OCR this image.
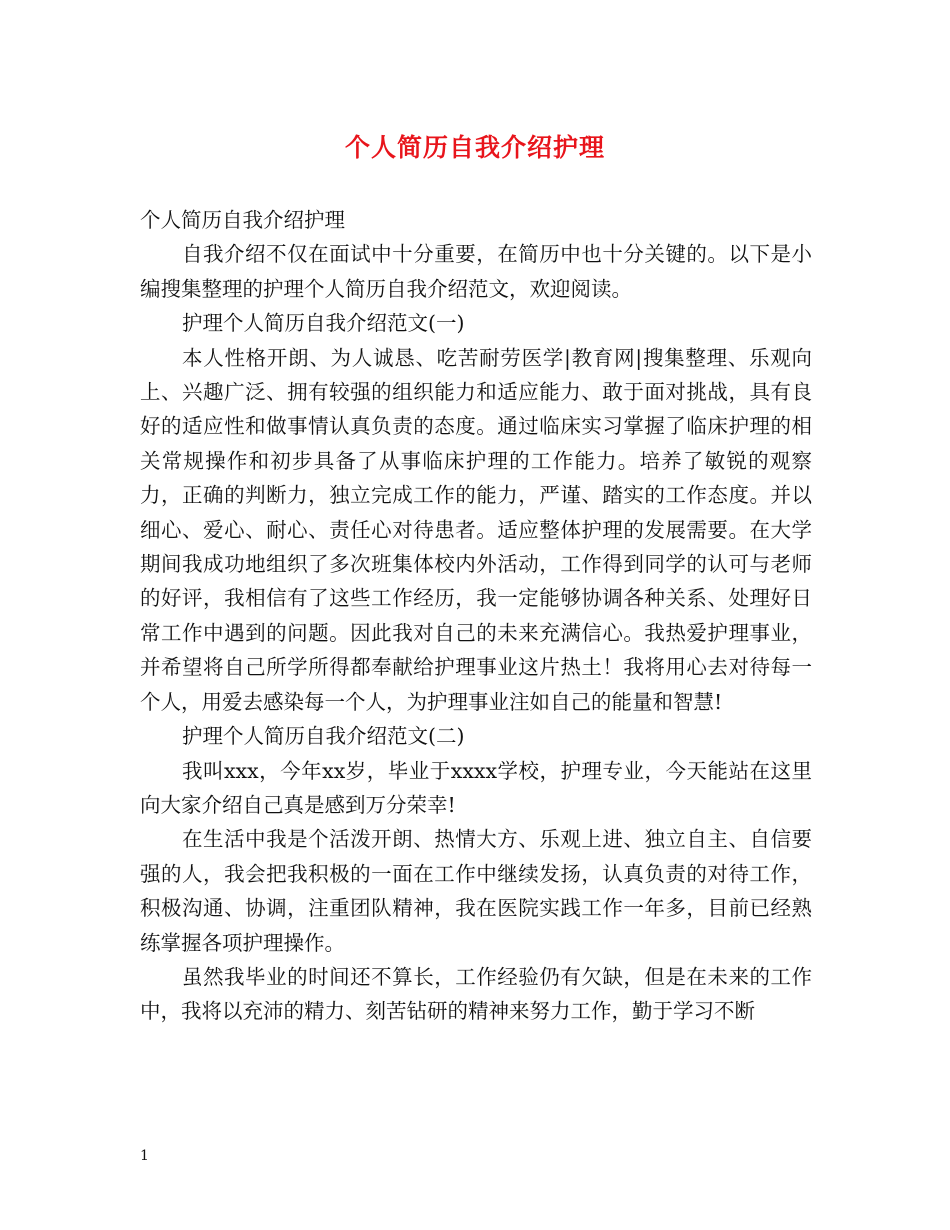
个人简历自我介绍护理

个人简历自我介绍护理

自我介绍不仅在面试中十分重要，在简历中也十分关键的。以下是小编搜集整理的护理个人简历自我介绍范文，欢迎阅读。

护理个人简历自我介绍范文(一)

本人性格开朗、为人诚恳、吃苦耐劳医学|教育网|搜集整理、乐观向上、兴趣广泛、拥有较强的组织能力和适应能力、敢于面对挑战，具有良好的适应性和做事情认真负责的态度。通过临床实习掌握了临床护理的相关常规操作和初步具备了从事临床护理的工作能力。培养了敏锐的观察力，正确的判断力，独立完成工作的能力，严谨、踏实的工作态度。并以细心、爱心、耐心、责任心对待患者。适应整体护理的发展需要。在大学期间我成功地组织了多次班集体校内外活动，工作得到同学的认可与老师的好评，我相信有了这些工作经历，我一定能够协调各种关系、处理好日常工作中遇到的问题。因此我对自己的未来充满信心。我热爱护理事业，并希望将自己所学所得都奉献给护理事业这片热土！我将用心去对待每一个人，用爱去感染每一个人，为护理事业注如自己的能量和智慧!

护理个人简历自我介绍范文(二)

我叫xxx，今年xx岁，毕业于xxxx学校，护理专业，今天能站在这里向大家介绍自己真是感到万分荣幸!

在生活中我是个活泼开朗、热情大方、乐观上进、独立自主、自信要强的人，我会把我积极的一面在工作中继续发扬，认真负责的对待工作，积极沟通、协调，注重团队精神，我在医院实践工作一年多，目前已经熟练掌握各项护理操作。

虽然我毕业的时间还不算长，工作经验仍有欠缺，但是在未来的工作中，我将以充沛的精力、刻苦钻研的精神来努力工作，勤于学习不断

1
